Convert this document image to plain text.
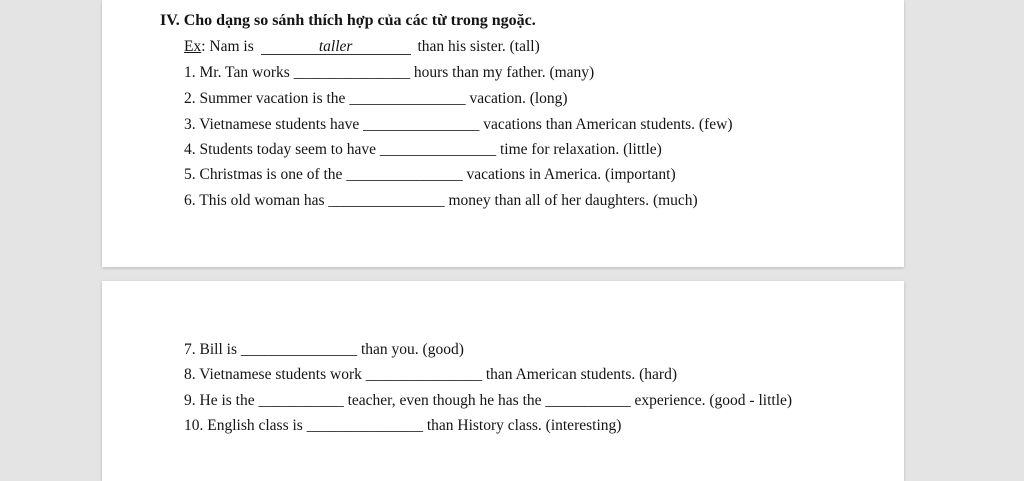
IV. Cho dạng so sánh thích hợp của các từ trong ngoặc.
Ex: Nam is	taller	than his sister. (tall)
1. Mr. Tan works _______________ hours than my father. (many)
2. Summer vacation is the _______________ vacation. (long)
3. Vietnamese students have _______________ vacations than American students. (few)
4. Students today seem to have _______________ time for relaxation. (little)
5. Christmas is one of the _______________ vacations in America. (important)
6. This old woman has _______________ money than all of her daughters. (much)
7. Bill is _______________ than you. (good)
8. Vietnamese students work _______________ than American students. (hard)
9. He is the ___________ teacher, even though he has the ___________ experience. (good - little)
10. English class is _______________ than History class. (interesting)
